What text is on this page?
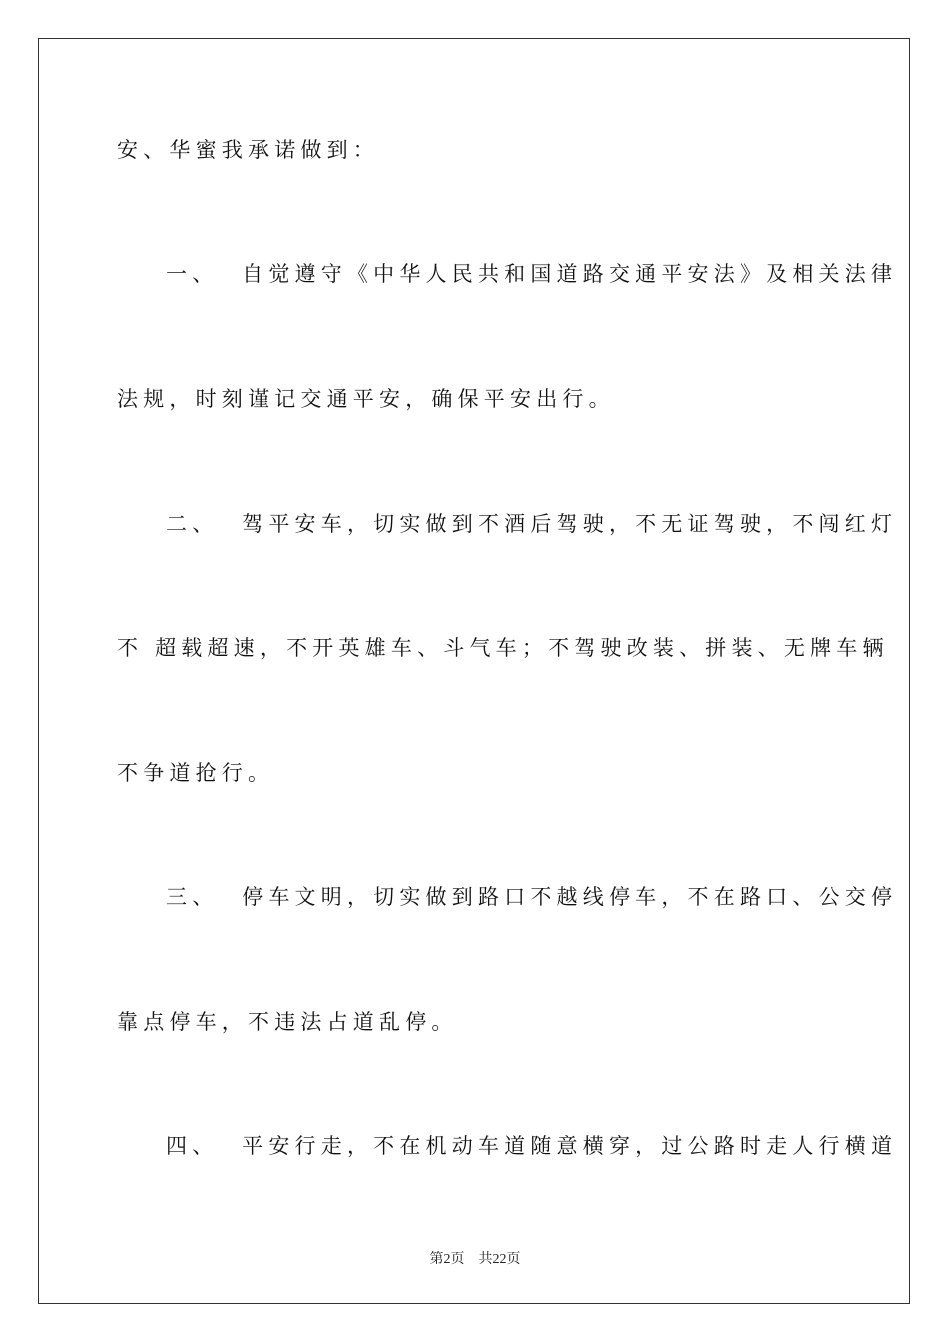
安、华蜜我承诺做到：
一、  自觉遵守《中华人民共和国道路交通平安法》及相关法律
法规，时刻谨记交通平安，确保平安出行。
二、  驾平安车，切实做到不酒后驾驶，不无证驾驶，不闯红灯
不 超载超速，不开英雄车、斗气车；不驾驶改装、拼装、无牌车辆
不争道抢行。
三、  停车文明，切实做到路口不越线停车，不在路口、公交停
靠点停车，不违法占道乱停。
四、  平安行走，不在机动车道随意横穿，过公路时走人行横道
第2页 共22页
